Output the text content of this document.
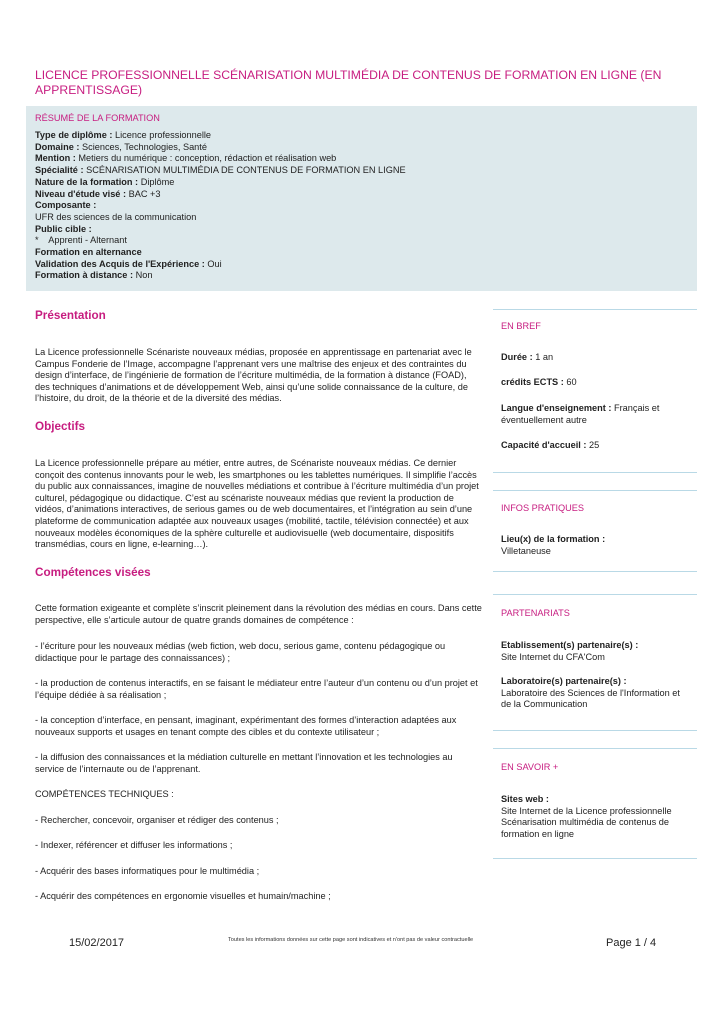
LICENCE PROFESSIONNELLE SCÉNARISATION MULTIMÉDIA DE CONTENUS DE FORMATION EN LIGNE (EN APPRENTISSAGE)
RÉSUMÉ DE LA FORMATION
Type de diplôme : Licence professionnelle
Domaine : Sciences, Technologies, Santé
Mention : Metiers du numérique : conception, rédaction et réalisation web
Spécialité : SCÉNARISATION MULTIMÉDIA DE CONTENUS DE FORMATION EN LIGNE
Nature de la formation : Diplôme
Niveau d'étude visé : BAC +3
Composante :
UFR des sciences de la communication
Public cible :
*    Apprenti - Alternant
Formation en alternance
Validation des Acquis de l'Expérience : Oui
Formation à distance : Non
Présentation
La Licence professionnelle Scénariste nouveaux médias, proposée en apprentissage en partenariat avec le Campus Fonderie de l’Image, accompagne l’apprenant vers une maîtrise des enjeux et des contraintes du design d’interface, de l’ingénierie de formation de l’écriture multimédia, de la formation à distance (FOAD), des techniques d’animations et de développement Web, ainsi qu’une solide connaissance de la culture, de l’histoire, du droit, de la théorie et de la diversité des médias.
Objectifs
La Licence professionnelle prépare au métier, entre autres, de Scénariste nouveaux médias. Ce dernier conçoit des contenus innovants pour le web, les smartphones ou les tablettes numériques. Il simplifie l’accès du public aux connaissances, imagine de nouvelles médiations et contribue à l’écriture multimédia d’un projet culturel, pédagogique ou didactique. C’est au scénariste nouveaux médias que revient la production de vidéos, d’animations interactives, de serious games ou de web documentaires, et l’intégration au sein d’une plateforme de communication adaptée aux nouveaux usages (mobilité, tactile, télévision connectée) et aux nouveaux modèles économiques de la sphère culturelle et audiovisuelle (web documentaire, dispositifs transmédias, cours en ligne, e-learning…).
Compétences visées
Cette formation exigeante et complète s’inscrit pleinement dans la révolution des médias en cours. Dans cette perspective, elle s’articule autour de quatre grands domaines de compétence :
- l’écriture pour les nouveaux médias (web fiction, web docu, serious game, contenu pédagogique ou didactique pour le partage des connaissances) ;
- la production de contenus interactifs, en se faisant le médiateur entre l’auteur d’un contenu ou d’un projet et l’équipe dédiée à sa réalisation ;
- la conception d’interface, en pensant, imaginant, expérimentant des formes d’interaction adaptées aux nouveaux supports et usages en tenant compte des cibles et du contexte utilisateur ;
- la diffusion des connaissances et la médiation culturelle en mettant l’innovation et les technologies au service de l’internaute ou de l’apprenant.
COMPÉTENCES TECHNIQUES :
- Rechercher, concevoir, organiser et rédiger des contenus ;
- Indexer, référencer et diffuser les informations ;
- Acquérir des bases informatiques pour le multimédia ;
- Acquérir des compétences en ergonomie visuelles et humain/machine ;
EN BREF
Durée : 1 an
crédits ECTS : 60
Langue d'enseignement : Français et éventuellement autre
Capacité d'accueil : 25
INFOS PRATIQUES
Lieu(x) de la formation :
Villetaneuse
PARTENARIATS
Etablissement(s) partenaire(s) :
Site Internet du CFA'Com
Laboratoire(s) partenaire(s) :
Laboratoire des Sciences de l'Information et de la Communication
EN SAVOIR +
Sites web :
Site Internet de la Licence professionnelle Scénarisation multimédia de contenus de formation en ligne
15/02/2017	Toutes les informations données sur cette page sont indicatives et n'ont pas de valeur contractuelle	Page 1 / 4
